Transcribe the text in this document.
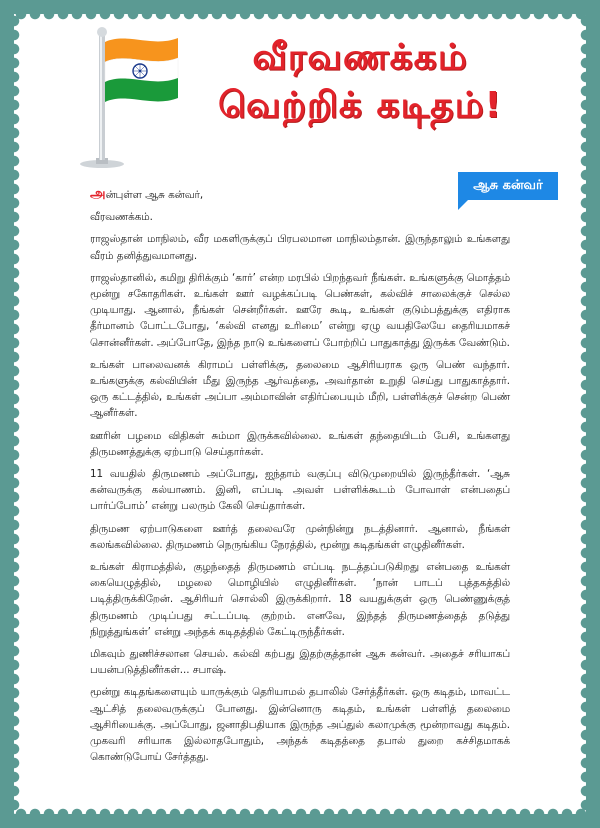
வீரவணக்கம்
வெற்றிக் கடிதம்!
ஆசு கன்வர்

அன்புள்ள ஆசு கன்வர்,

வீரவணக்கம்.

ராஜஸ்தான் மாநிலம், வீர மகளிருக்குப் பிரபலமான மாநிலம்தான். இருந்தாலும் உங்களது வீரம் தனித்துவமானது.

ராஜஸ்தானில், கமிறு திரிக்கும் ‘கார்’ என்ற மரபில் பிறந்தவர் நீங்கள். உங்களுக்கு மொத்தம் மூன்று சகோதரிகள். உங்கள் ஊர் வழக்கப்படி பெண்கள், கல்விச் சாலைக்குச் செல்ல முடியாது. ஆனால், நீங்கள் சென்றீர்கள். ஊரே கூடி, உங்கள் குடும்பத்துக்கு எதிராக தீர்மானம் போட்டபோது, ‘கல்வி எனது உரிமை’ என்று ஏழு வயதிலேயே தைரியமாகச் சொன்னீர்கள். அப்போதே, இந்த நாடு உங்களைப் போற்றிப் பாதுகாத்து இருக்க வேண்டும்.

உங்கள் பாலைவனக் கிராமப் பள்ளிக்கு, தலைமை ஆசிரியராக ஒரு பெண் வந்தார். உங்களுக்கு கல்வியின் மீது இருந்த ஆர்வத்தை, அவர்தான் உறுதி செய்து பாதுகாத்தார். ஒரு கட்டத்தில், உங்கள் அப்பா அம்மாவின் எதிர்ப்பையும் மீறி, பள்ளிக்குச் சென்ற பெண் ஆனீர்கள்.

ஊரின் பழமை விதிகள் சும்மா இருக்கவில்லை. உங்கள் தந்தையிடம் பேசி, உங்களது திருமணத்துக்கு ஏற்பாடு செய்தார்கள்.

11 வயதில் திருமணம் அப்போது, ஐந்தாம் வகுப்பு விடுமுறையில் இருந்தீர்கள். ‘ஆசு கன்வருக்கு கல்யாணம். இனி, எப்படி அவள் பள்ளிக்கூடம் போவாள் என்பதைப் பார்ப்போம்’ என்று பலரும் கேலி செய்தார்கள்.

திருமண ஏற்பாடுகளை ஊர்த் தலைவரே முன்நின்று நடத்தினார். ஆனால், நீங்கள் கலங்கவில்லை. திருமணம் நெருங்கிய நேரத்தில், மூன்று கடிதங்கள் எழுதினீர்கள்.

உங்கள் கிராமத்தில், குழந்தைத் திருமணம் எப்படி நடத்தப்படுகிறது என்பதை உங்கள் கையெழுத்தில், மழலை மொழியில் எழுதினீர்கள். ‘நான் பாடப் புத்தகத்தில் படித்திருக்கிறேன். ஆசிரியர் சொல்லி இருக்கிறார். 18 வயதுக்குள் ஒரு பெண்ணுக்குத் திருமணம் முடிப்பது சட்டப்படி குற்றம். எனவே, இந்தத் திருமணத்தைத் தடுத்து நிறுத்துங்கள்’ என்று அந்தக் கடிதத்தில் கேட்டிருந்தீர்கள்.

மிகவும் துணிச்சலான செயல். கல்வி கற்பது இதற்குத்தான் ஆசு கன்வர். அதைச் சரியாகப் பயன்படுத்தினீர்கள்... சபாஷ்.

மூன்று கடிதங்களையும் யாருக்கும் தெரியாமல் தபாலில் சேர்த்தீர்கள். ஒரு கடிதம், மாவட்ட ஆட்சித் தலைவருக்குப் போனது. இன்னொரு கடிதம், உங்கள் பள்ளித் தலைமை ஆசிரியைக்கு. அப்போது, ஜனாதிபதியாக இருந்த அப்துல் கலாமுக்கு மூன்றாவது கடிதம். முகவரி சரியாக இல்லாதபோதும், அந்தக் கடிதத்தை தபால் துறை கச்சிதமாகக் கொண்டுபோய் சேர்த்தது.
